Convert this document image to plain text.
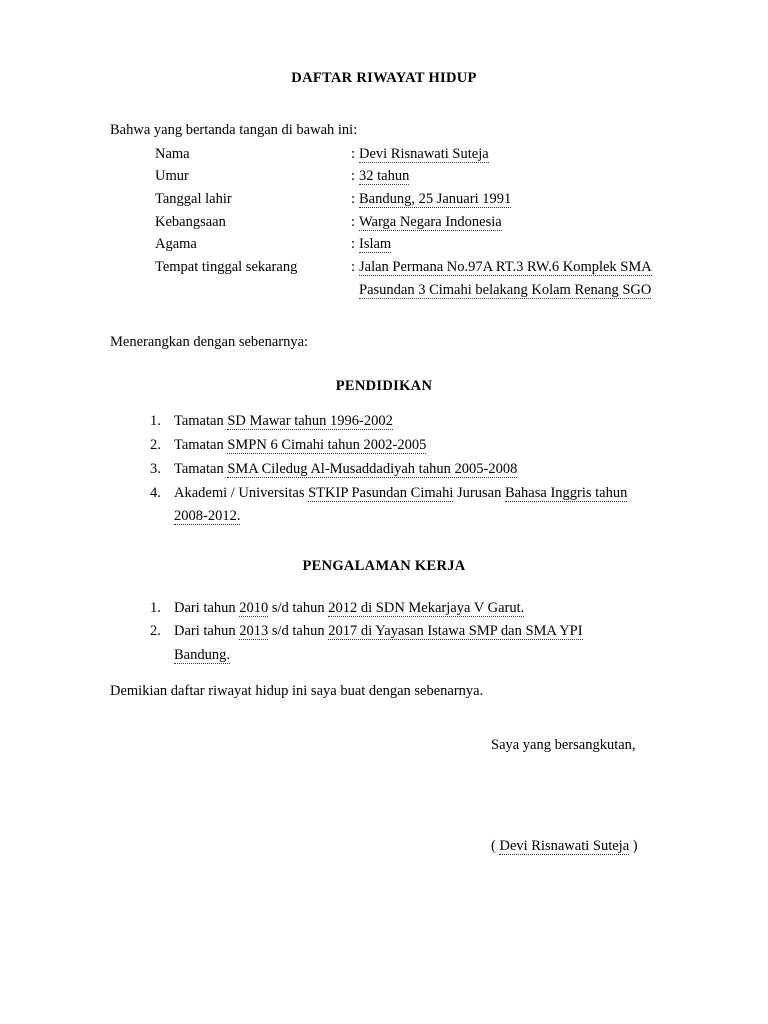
DAFTAR RIWAYAT HIDUP
Bahwa yang bertanda tangan di bawah ini:
Nama	: Devi Risnawati Suteja
Umur	: 32 tahun
Tanggal lahir	: Bandung, 25 Januari 1991
Kebangsaan	: Warga Negara Indonesia
Agama	: Islam
Tempat tinggal sekarang	: Jalan Permana No.97A RT.3 RW.6 Komplek SMA
Pasundan 3 Cimahi belakang Kolam Renang SGO
Menerangkan dengan sebenarnya:
PENDIDIKAN
1. Tamatan SD Mawar tahun 1996-2002
2. Tamatan SMPN 6 Cimahi tahun 2002-2005
3. Tamatan SMA Ciledug Al-Musaddadiyah tahun 2005-2008
4. Akademi / Universitas STKIP Pasundan Cimahi Jurusan Bahasa Inggris tahun
2008-2012.
PENGALAMAN KERJA
1. Dari tahun 2010 s/d tahun 2012 di SDN Mekarjaya V Garut.
2. Dari tahun 2013 s/d tahun 2017 di Yayasan Istawa SMP dan SMA YPI
Bandung.
Demikian daftar riwayat hidup ini saya buat dengan sebenarnya.
Saya yang bersangkutan,
( Devi Risnawati Suteja )
